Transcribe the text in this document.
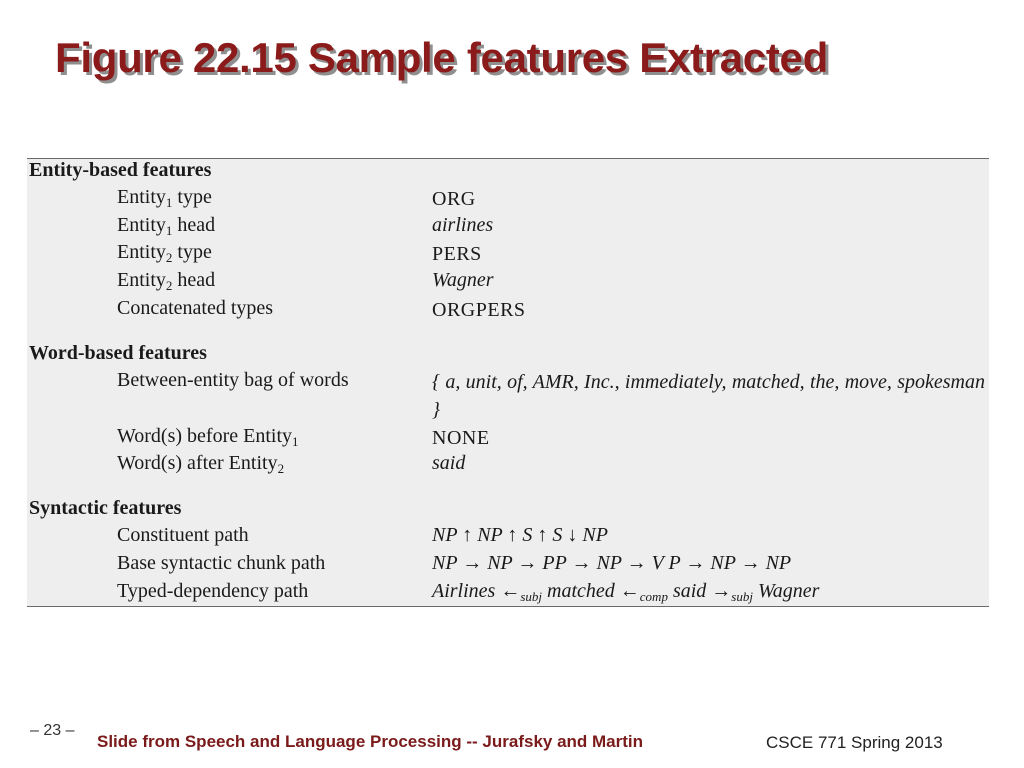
Figure 22.15 Sample features Extracted
Entity-based features
Entity$_1$ type	ORG
Entity$_1$ head	airlines
Entity$_2$ type	PERS
Entity$_2$ head	Wagner
Concatenated types	ORGPERS
Word-based features
Between-entity bag of words	{ a, unit, of, AMR, Inc., immediately, matched, the, move, spokesman }
Word(s) before Entity$_1$	NONE
Word(s) after Entity$_2$	said
Syntactic features
Constituent path	NP ↑ NP ↑ S ↑ S ↓ NP
Base syntactic chunk path	NP → NP → PP → NP → V P → NP → NP
Typed-dependency path	Airlines $\leftarrow_{subj}$ matched $\leftarrow_{comp}$ said $\to_{subj}$ Wagner
– 23 –
Slide from Speech and Language Processing -- Jurafsky and Martin	CSCE 771 Spring 2013
